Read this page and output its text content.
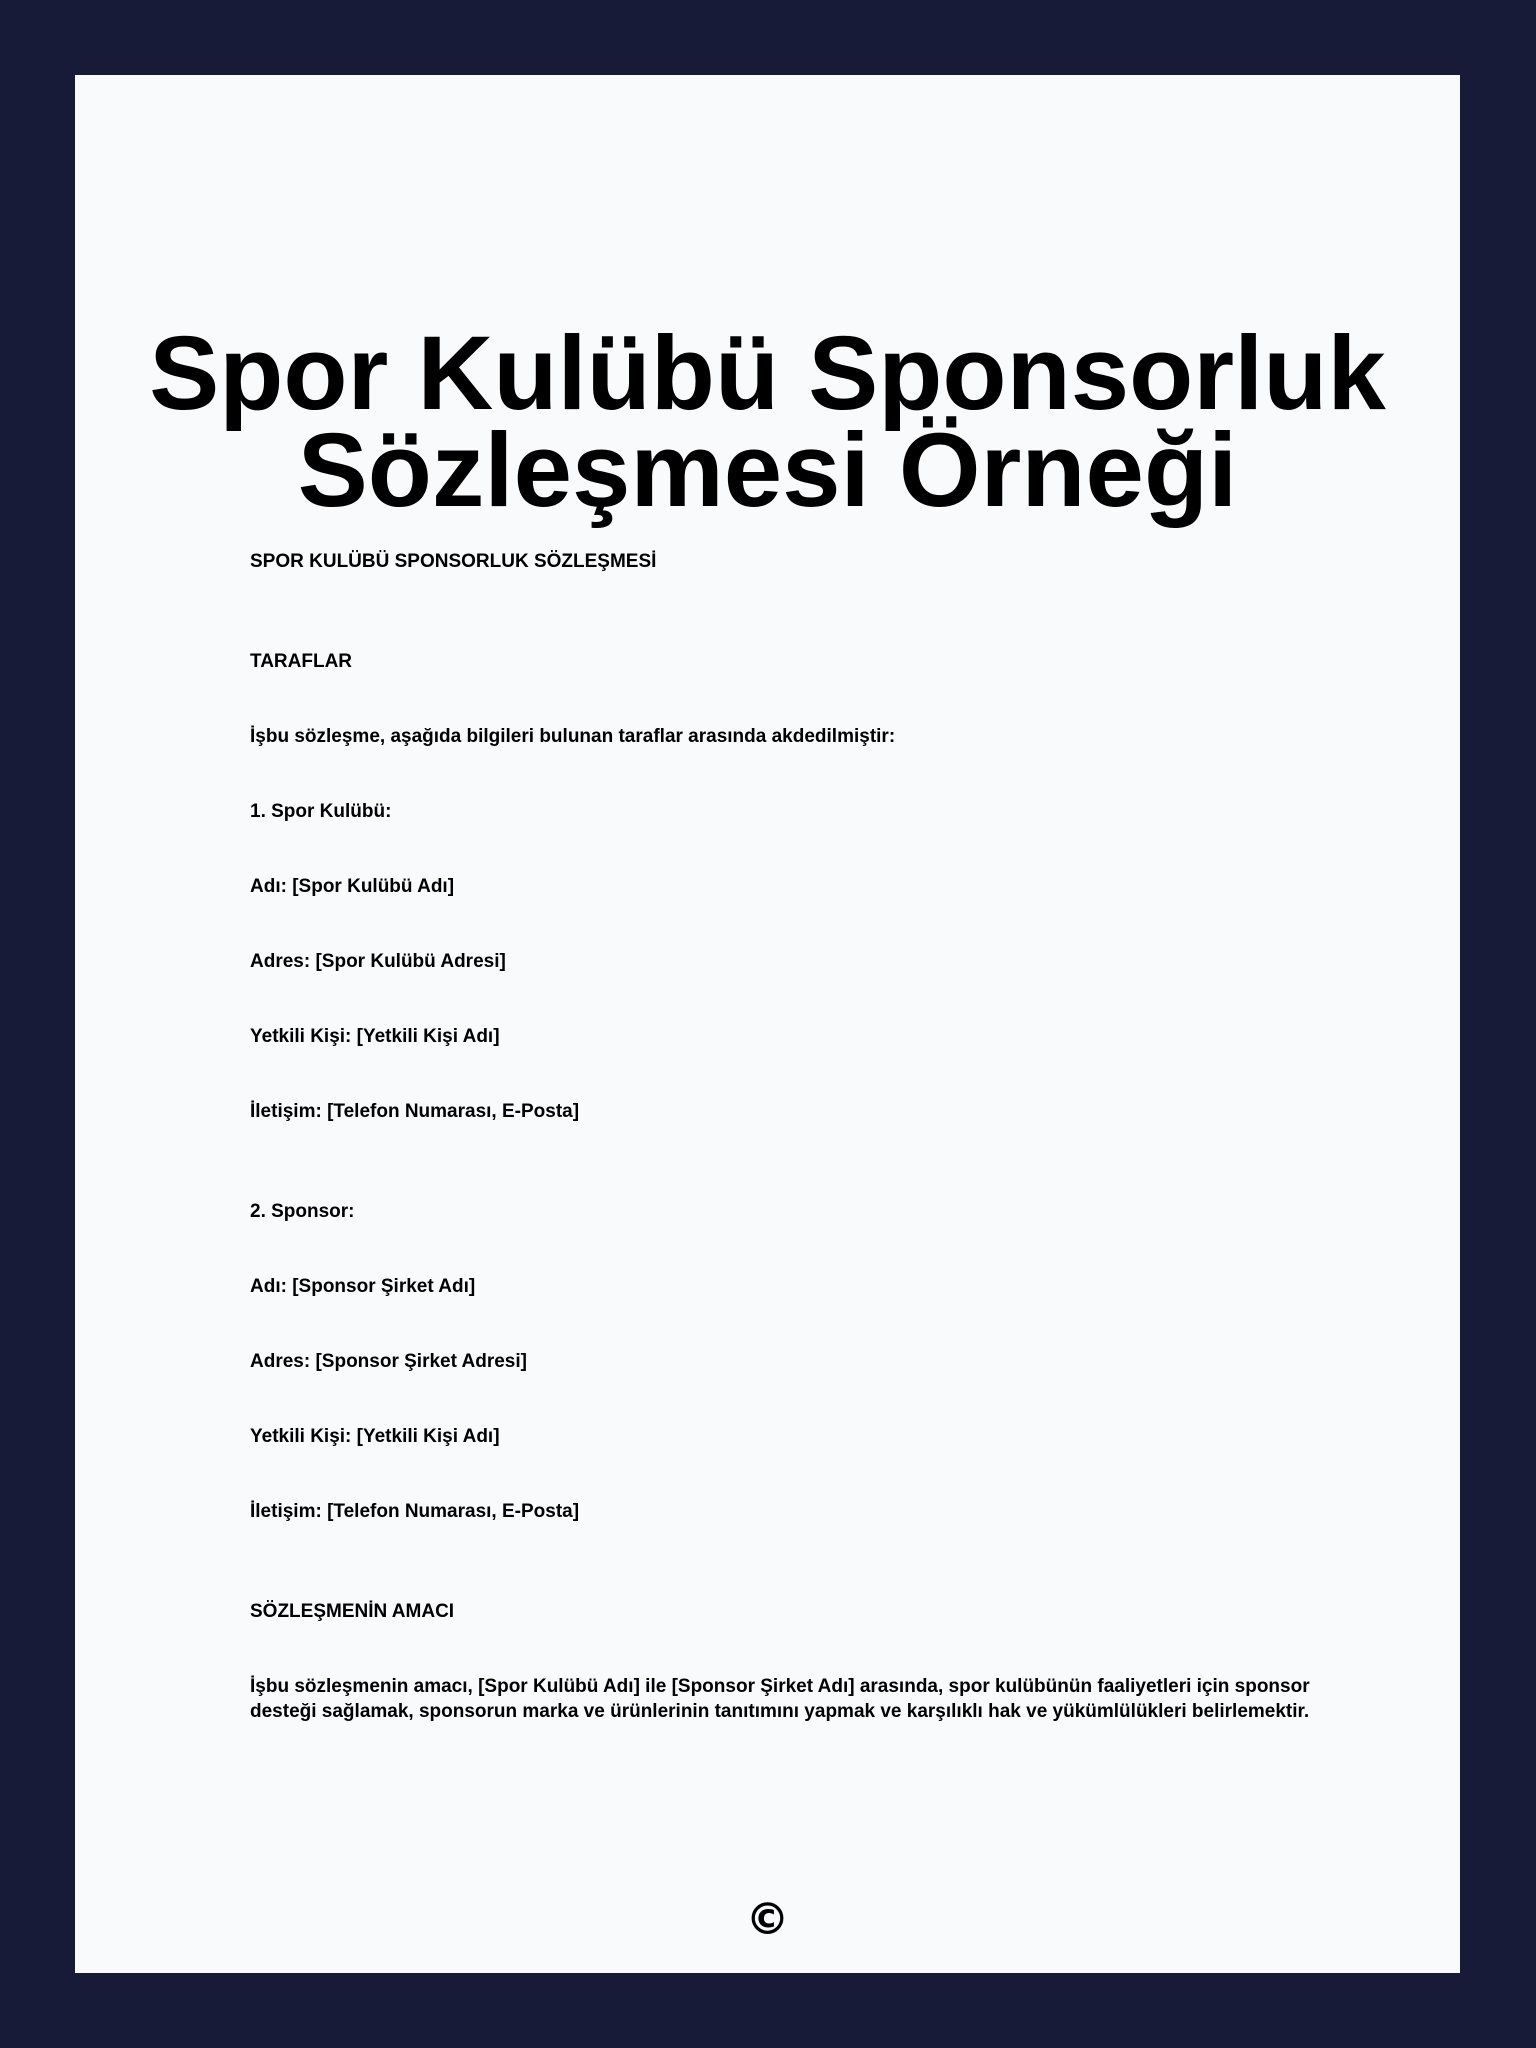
Spor Kulübü Sponsorluk Sözleşmesi Örneği

SPOR KULÜBÜ SPONSORLUK SÖZLEŞMESİ

TARAFLAR

İşbu sözleşme, aşağıda bilgileri bulunan taraflar arasında akdedilmiştir:

1. Spor Kulübü:

Adı: [Spor Kulübü Adı]

Adres: [Spor Kulübü Adresi]

Yetkili Kişi: [Yetkili Kişi Adı]

İletişim: [Telefon Numarası, E-Posta]

2. Sponsor:

Adı: [Sponsor Şirket Adı]

Adres: [Sponsor Şirket Adresi]

Yetkili Kişi: [Yetkili Kişi Adı]

İletişim: [Telefon Numarası, E-Posta]

SÖZLEŞMENİN AMACI

İşbu sözleşmenin amacı, [Spor Kulübü Adı] ile [Sponsor Şirket Adı] arasında, spor kulübünün faaliyetleri için sponsor desteği sağlamak, sponsorun marka ve ürünlerinin tanıtımını yapmak ve karşılıklı hak ve yükümlülükleri belirlemektir.

©
